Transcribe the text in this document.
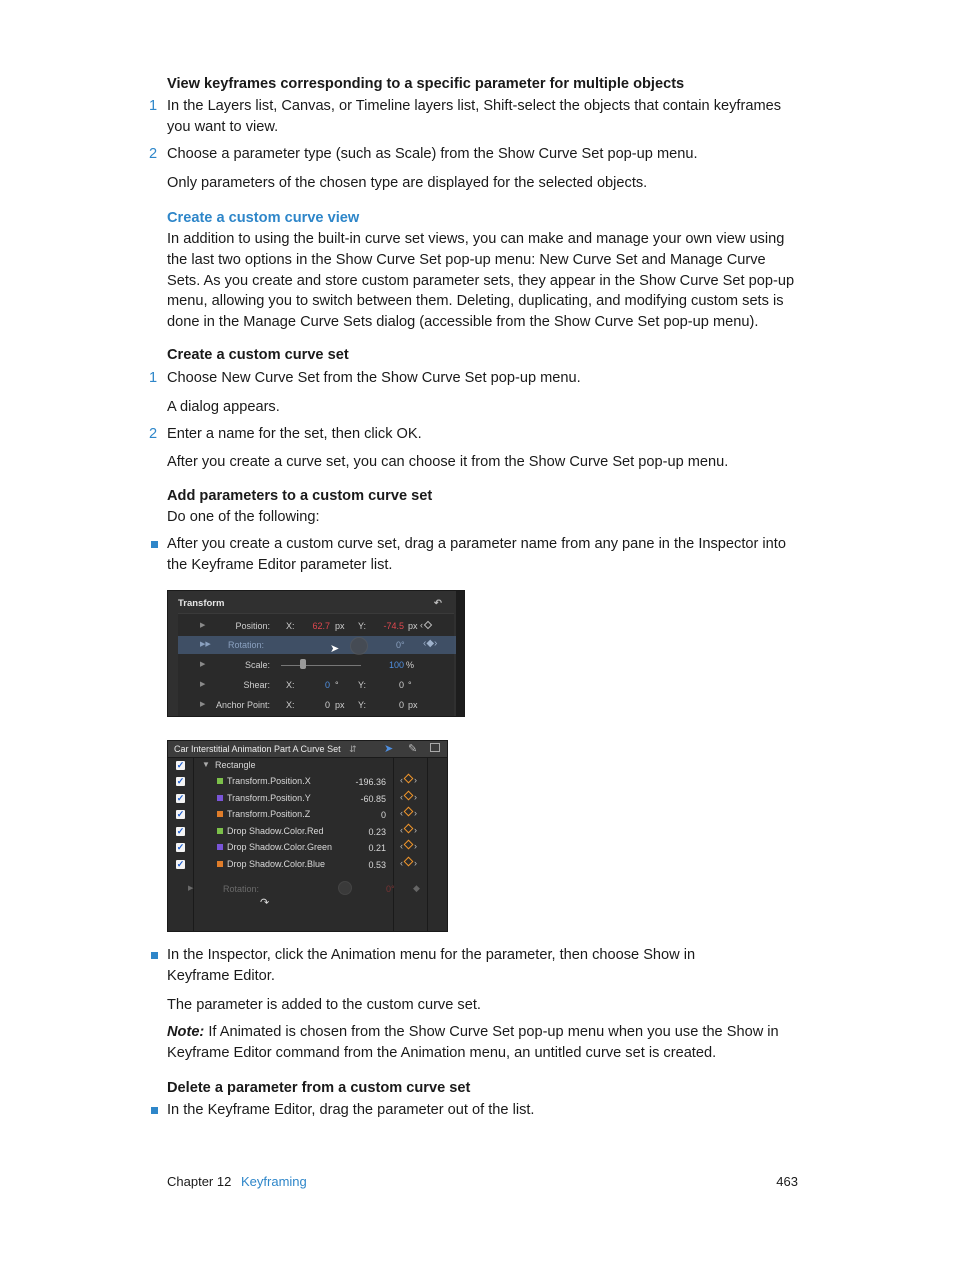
View keyframes corresponding to a specific parameter for multiple objects
1 In the Layers list, Canvas, or Timeline layers list, Shift-select the objects that contain keyframes you want to view.
2 Choose a parameter type (such as Scale) from the Show Curve Set pop-up menu.
Only parameters of the chosen type are displayed for the selected objects.
Create a custom curve view
In addition to using the built-in curve set views, you can make and manage your own view using the last two options in the Show Curve Set pop-up menu: New Curve Set and Manage Curve Sets. As you create and store custom parameter sets, they appear in the Show Curve Set pop-up menu, allowing you to switch between them. Deleting, duplicating, and modifying custom sets is done in the Manage Curve Sets dialog (accessible from the Show Curve Set pop-up menu).
Create a custom curve set
1 Choose New Curve Set from the Show Curve Set pop-up menu.
A dialog appears.
2 Enter a name for the set, then click OK.
After you create a curve set, you can choose it from the Show Curve Set pop-up menu.
Add parameters to a custom curve set
Do one of the following:
After you create a custom curve set, drag a parameter name from any pane in the Inspector into the Keyframe Editor parameter list.
Transform	↶
▶	Position: X:	62.7 px Y:	-74.5 px ‹
▶▶ Rotation:	0° ‹◆›
➤
▶	Scale:	100 %
▶	Shear: X:	0 ° Y:	0 °
▶ Anchor Point: X:	0 px Y:	0 px
Car Interstitial Animation Part A Curve Set ⇵ ➤ ✎
✓ ▼ Rectangle
✓	Transform.Position.X	-196.36 ‹ ›
✓	Transform.Position.Y	-60.85 ‹ ›
✓	Transform.Position.Z	0 ‹ ›
✓	Drop Shadow.Color.Red	0.23 ‹ ›
✓	Drop Shadow.Color.Green	0.21 ‹ ›
✓	Drop Shadow.Color.Blue	0.53 ‹ ›
▶	Rotation:	0° ◆
↷
In the Inspector, click the Animation menu for the parameter, then choose Show in Keyframe Editor.
The parameter is added to the custom curve set.
Note: If Animated is chosen from the Show Curve Set pop-up menu when you use the Show in Keyframe Editor command from the Animation menu, an untitled curve set is created.
Delete a parameter from a custom curve set
In the Keyframe Editor, drag the parameter out of the list.
Chapter 12 Keyframing	463
